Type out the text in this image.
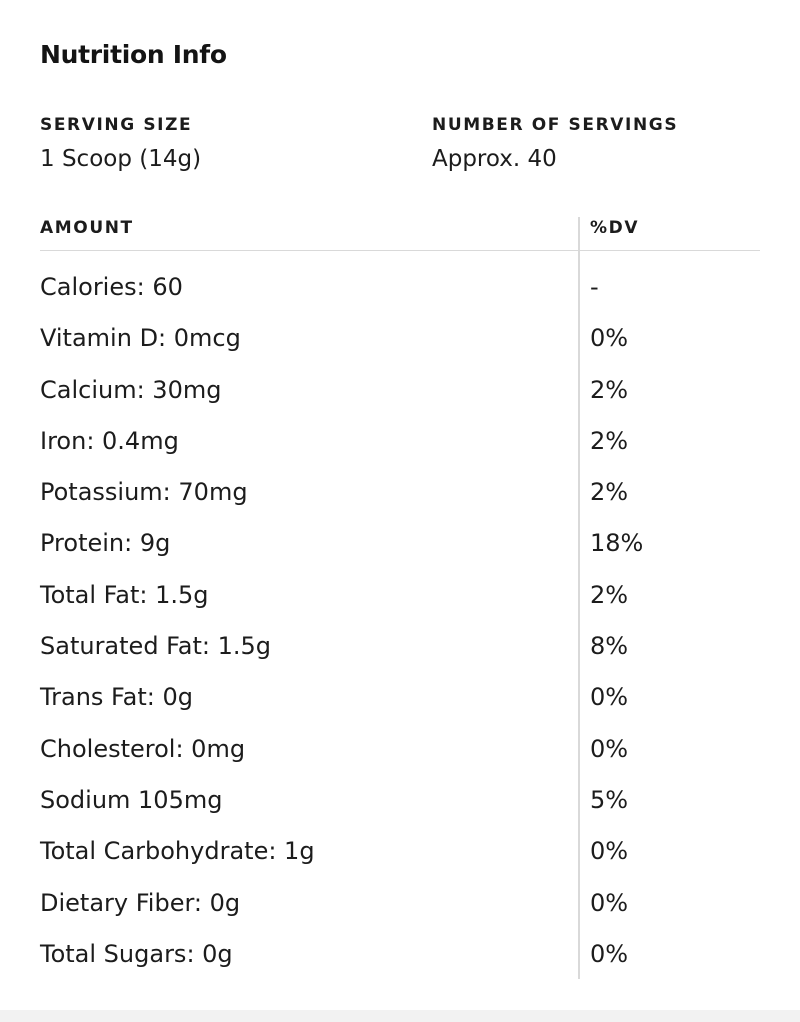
Nutrition Info
SERVING SIZE
1 Scoop (14g)
NUMBER OF SERVINGS
Approx. 40
AMOUNT	%DV
Calories: 60	-
Vitamin D: 0mcg	0%
Calcium: 30mg	2%
Iron: 0.4mg	2%
Potassium: 70mg	2%
Protein: 9g	18%
Total Fat: 1.5g	2%
Saturated Fat: 1.5g	8%
Trans Fat: 0g	0%
Cholesterol: 0mg	0%
Sodium 105mg	5%
Total Carbohydrate: 1g	0%
Dietary Fiber: 0g	0%
Total Sugars: 0g	0%
